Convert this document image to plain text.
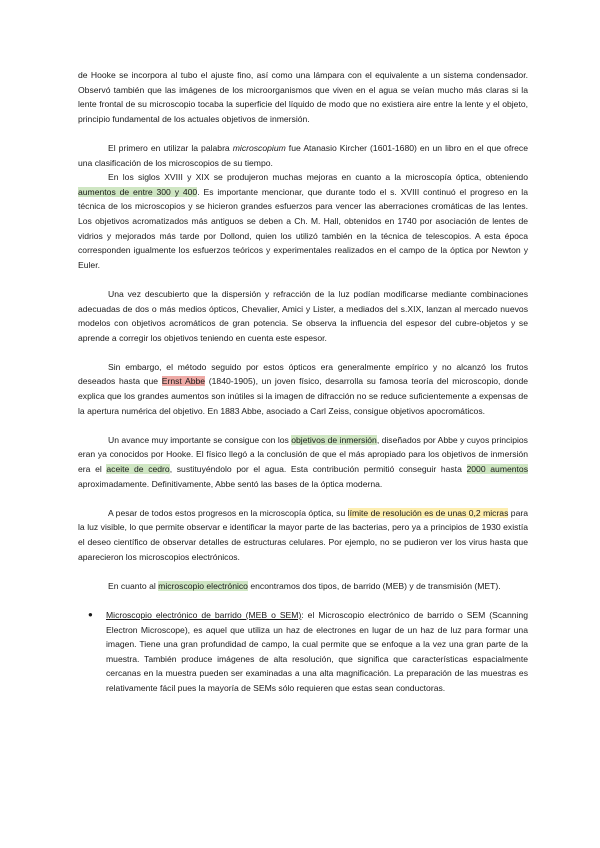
de Hooke se incorpora al tubo el ajuste fino, así como una lámpara con el equivalente a un sistema condensador. Observó también que las imágenes de los microorganismos que viven en el agua se veían mucho más claras si la lente frontal de su microscopio tocaba la superficie del líquido de modo que no existiera aire entre la lente y el objeto, principio fundamental de los actuales objetivos de inmersión.

El primero en utilizar la palabra microscopium fue Atanasio Kircher (1601-1680) en un libro en el que ofrece una clasificación de los microscopios de su tiempo.

En los siglos XVIII y XIX se produjeron muchas mejoras en cuanto a la microscopía óptica, obteniendo aumentos de entre 300 y 400. Es importante mencionar, que durante todo el s. XVIII continuó el progreso en la técnica de los microscopios y se hicieron grandes esfuerzos para vencer las aberraciones cromáticas de las lentes. Los objetivos acromatizados más antiguos se deben a Ch. M. Hall, obtenidos en 1740 por asociación de lentes de vidrios y mejorados más tarde por Dollond, quien los utilizó también en la técnica de telescopios. A esta época corresponden igualmente los esfuerzos teóricos y experimentales realizados en el campo de la óptica por Newton y Euler.

Una vez descubierto que la dispersión y refracción de la luz podían modificarse mediante combinaciones adecuadas de dos o más medios ópticos, Chevalier, Amici y Lister, a mediados del s.XIX, lanzan al mercado nuevos modelos con objetivos acromáticos de gran potencia. Se observa la influencia del espesor del cubre-objetos y se aprende a corregir los objetivos teniendo en cuenta este espesor.

Sin embargo, el método seguido por estos ópticos era generalmente empírico y no alcanzó los frutos deseados hasta que Ernst Abbe (1840-1905), un joven físico, desarrolla su famosa teoría del microscopio, donde explica que los grandes aumentos son inútiles si la imagen de difracción no se reduce suficientemente a expensas de la apertura numérica del objetivo. En 1883 Abbe, asociado a Carl Zeiss, consigue objetivos apocromáticos.

Un avance muy importante se consigue con los objetivos de inmersión, diseñados por Abbe y cuyos principios eran ya conocidos por Hooke. El físico llegó a la conclusión de que el más apropiado para los objetivos de inmersión era el aceite de cedro, sustituyéndolo por el agua. Esta contribución permitió conseguir hasta 2000 aumentos aproximadamente. Definitivamente, Abbe sentó las bases de la óptica moderna.

A pesar de todos estos progresos en la microscopía óptica, su límite de resolución es de unas 0,2 micras para la luz visible, lo que permite observar e identificar la mayor parte de las bacterias, pero ya a principios de 1930 existía el deseo científico de observar detalles de estructuras celulares. Por ejemplo, no se pudieron ver los virus hasta que aparecieron los microscopios electrónicos.

En cuanto al microscopio electrónico encontramos dos tipos, de barrido (MEB) y de transmisión (MET).

●	Microscopio electrónico de barrido (MEB o SEM): el Microscopio electrónico de barrido o SEM (Scanning Electron Microscope), es aquel que utiliza un haz de electrones en lugar de un haz de luz para formar una imagen. Tiene una gran profundidad de campo, la cual permite que se enfoque a la vez una gran parte de la muestra. También produce imágenes de alta resolución, que significa que características espacialmente cercanas en la muestra pueden ser examinadas a una alta magnificación. La preparación de las muestras es relativamente fácil pues la mayoría de SEMs sólo requieren que estas sean conductoras.
